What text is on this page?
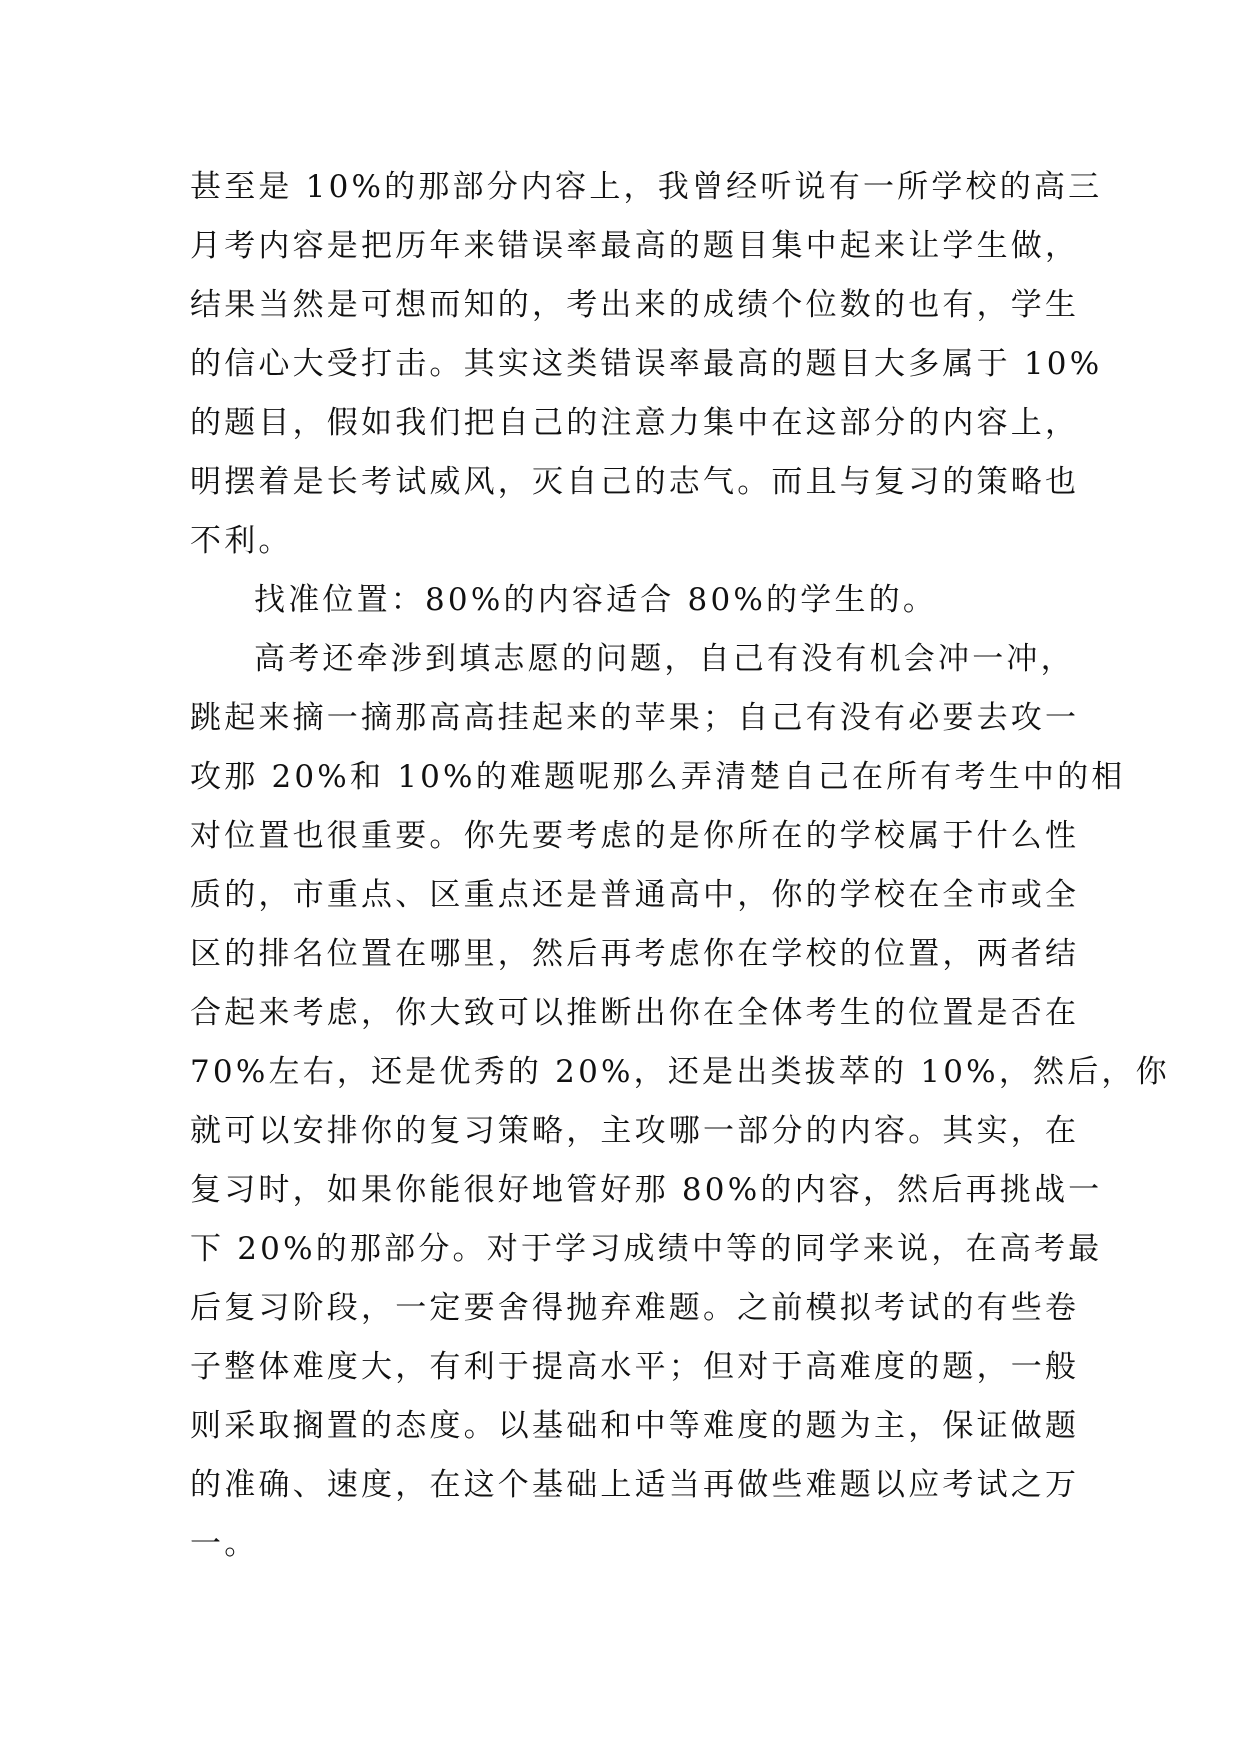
甚至是 10%的那部分内容上，我曾经听说有一所学校的高三
月考内容是把历年来错误率最高的题目集中起来让学生做，
结果当然是可想而知的，考出来的成绩个位数的也有，学生
的信心大受打击。其实这类错误率最高的题目大多属于 10%
的题目，假如我们把自己的注意力集中在这部分的内容上，
明摆着是长考试威风，灭自己的志气。而且与复习的策略也
不利。
找准位置：80%的内容适合 80%的学生的。
高考还牵涉到填志愿的问题，自己有没有机会冲一冲，
跳起来摘一摘那高高挂起来的苹果；自己有没有必要去攻一
攻那 20%和 10%的难题呢那么弄清楚自己在所有考生中的相
对位置也很重要。你先要考虑的是你所在的学校属于什么性
质的，市重点、区重点还是普通高中，你的学校在全市或全
区的排名位置在哪里，然后再考虑你在学校的位置，两者结
合起来考虑，你大致可以推断出你在全体考生的位置是否在
70%左右，还是优秀的 20%，还是出类拔萃的 10%，然后，你
就可以安排你的复习策略，主攻哪一部分的内容。其实，在
复习时，如果你能很好地管好那 80%的内容，然后再挑战一
下 20%的那部分。对于学习成绩中等的同学来说，在高考最
后复习阶段，一定要舍得抛弃难题。之前模拟考试的有些卷
子整体难度大，有利于提高水平；但对于高难度的题，一般
则采取搁置的态度。以基础和中等难度的题为主，保证做题
的准确、速度，在这个基础上适当再做些难题以应考试之万
一。
